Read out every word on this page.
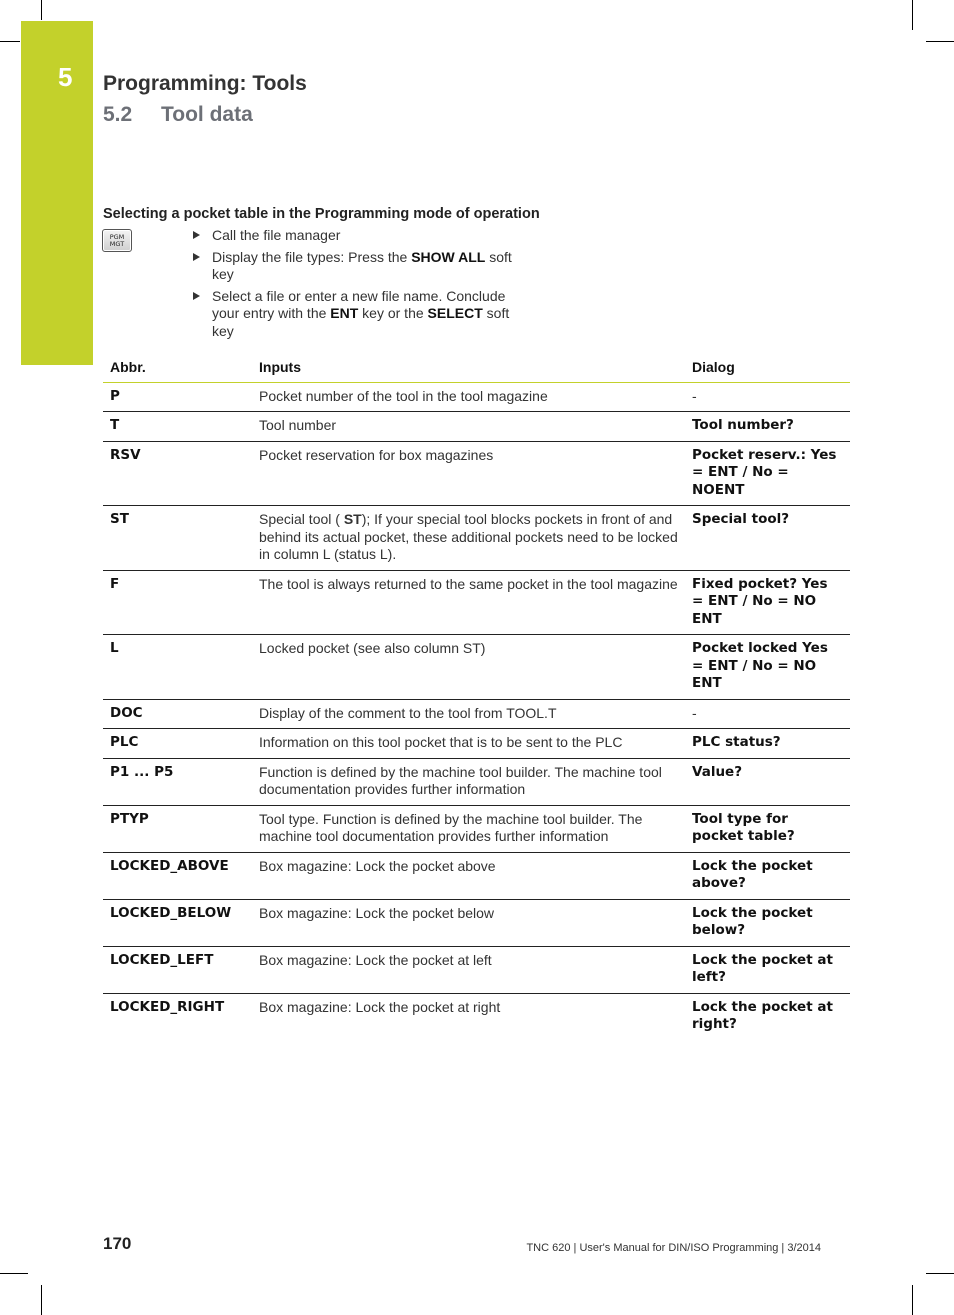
5 Programming: Tools
5.2 Tool data
Selecting a pocket table in the Programming mode of operation
PGM
MGT
Call the file manager
Display the file types: Press the SHOW ALL soft key
Select a file or enter a new file name. Conclude your entry with the ENT key or the SELECT soft key
Abbr.	Inputs	Dialog
P	Pocket number of the tool in the tool magazine	-
T	Tool number	Tool number?
RSV	Pocket reservation for box magazines	Pocket reserv.: Yes = ENT / No = NOENT
ST	Special tool ( ST); If your special tool blocks pockets in front of and behind its actual pocket, these additional pockets need to be locked in column L (status L).	Special tool?
F	The tool is always returned to the same pocket in the tool magazine	Fixed pocket? Yes = ENT / No = NO ENT
L	Locked pocket (see also column ST)	Pocket locked Yes = ENT / No = NO ENT
DOC	Display of the comment to the tool from TOOL.T	-
PLC	Information on this tool pocket that is to be sent to the PLC	PLC status?
P1 ... P5	Function is defined by the machine tool builder. The machine tool documentation provides further information	Value?
PTYP	Tool type. Function is defined by the machine tool builder. The machine tool documentation provides further information	Tool type for pocket table?
LOCKED_ABOVE	Box magazine: Lock the pocket above	Lock the pocket above?
LOCKED_BELOW	Box magazine: Lock the pocket below	Lock the pocket below?
LOCKED_LEFT	Box magazine: Lock the pocket at left	Lock the pocket at left?
LOCKED_RIGHT	Box magazine: Lock the pocket at right	Lock the pocket at right?
170	TNC 620 | User's Manual for DIN/ISO Programming | 3/2014
